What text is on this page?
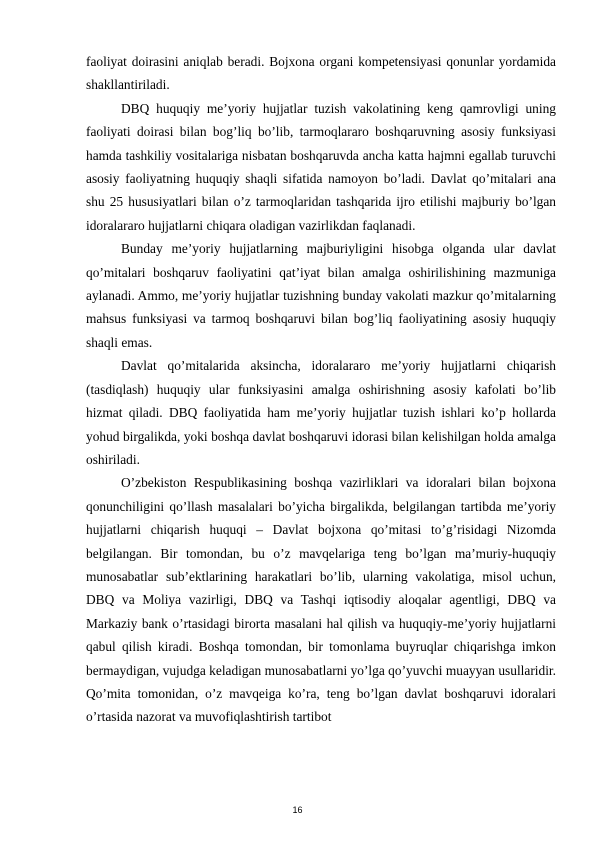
faoliyat doirasini aniqlab beradi. Bojxona organi kompetensiyasi qonunlar yordamida shakllantiriladi.

DBQ huquqiy me’yoriy hujjatlar tuzish vakolatining keng qamrovligi uning faoliyati doirasi bilan bog’liq bo’lib, tarmoqlararo boshqaruvning asosiy funksiyasi hamda tashkiliy vositalariga nisbatan boshqaruvda ancha katta hajmni egallab turuvchi asosiy faoliyatning huquqiy shaqli sifatida namoyon bo’ladi. Davlat qo’mitalari ana shu 25 hususiyatlari bilan o’z tarmoqlaridan tashqarida ijro etilishi majburiy bo’lgan idoralararo hujjatlarni chiqara oladigan vazirlikdan faqlanadi.

Bunday me’yoriy hujjatlarning majburiyligini hisobga olganda ular davlat qo’mitalari boshqaruv faoliyatini qat’iyat bilan amalga oshirilishining mazmuniga aylanadi. Ammo, me’yoriy hujjatlar tuzishning bunday vakolati mazkur qo’mitalarning mahsus funksiyasi va tarmoq boshqaruvi bilan bog’liq faoliyatining asosiy huquqiy shaqli emas.

Davlat qo’mitalarida aksincha, idoralararo me’yoriy hujjatlarni chiqarish (tasdiqlash) huquqiy ular funksiyasini amalga oshirishning asosiy kafolati bo’lib hizmat qiladi. DBQ faoliyatida ham me’yoriy hujjatlar tuzish ishlari ko’p hollarda yohud birgalikda, yoki boshqa davlat boshqaruvi idorasi bilan kelishilgan holda amalga oshiriladi.

O’zbekiston Respublikasining boshqa vazirliklari va idoralari bilan bojxona qonunchiligini qo’llash masalalari bo’yicha birgalikda, belgilangan tartibda me’yoriy hujjatlarni chiqarish huquqi – Davlat bojxona qo’mitasi to’g’risidagi Nizomda belgilangan. Bir tomondan, bu o’z mavqelariga teng bo’lgan ma’muriy-huquqiy munosabatlar sub’ektlarining harakatlari bo’lib, ularning vakolatiga, misol uchun, DBQ va Moliya vazirligi, DBQ va Tashqi iqtisodiy aloqalar agentligi, DBQ va Markaziy bank o’rtasidagi birorta masalani hal qilish va huquqiy-me’yoriy hujjatlarni qabul qilish kiradi. Boshqa tomondan, bir tomonlama buyruqlar chiqarishga imkon bermaydigan, vujudga keladigan munosabatlarni yo’lga qo’yuvchi muayyan usullaridir. Qo’mita tomonidan, o’z mavqeiga ko’ra, teng bo’lgan davlat boshqaruvi idoralari o’rtasida nazorat va muvofiqlashtirish tartibot

16
